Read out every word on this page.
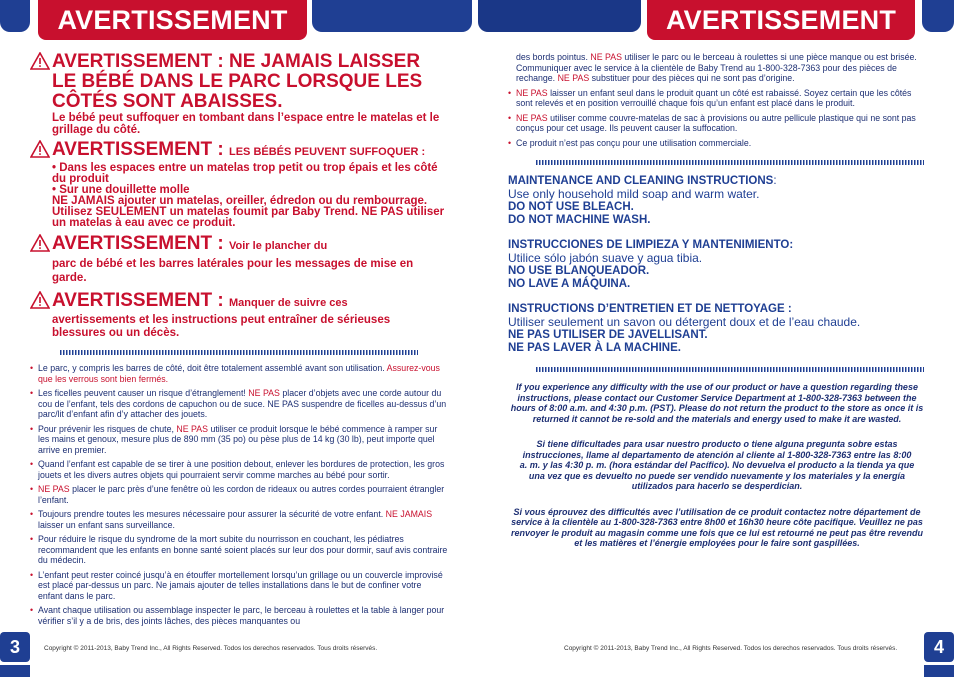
AVERTISSEMENT	AVERTISSEMENT
AVERTISSEMENT : NE JAMAIS LAISSER LE BÉBÉ DANS LE PARC LORSQUE LES CÔTÉS SONT ABAISSES.
Le bébé peut suffoquer en tombant dans l’espace entre le matelas et le grillage du côté.
AVERTISSEMENT : LES BÉBÉS PEUVENT SUFFOQUER :
• Dans les espaces entre un matelas trop petit ou trop épais et les côté du produit
• Sur une douillette molle
NE JAMAIS ajouter un matelas, oreiller, édredon ou du rembourrage. Utilisez SEULEMENT un matelas foumit par Baby Trend. NE PAS utiliser un matelas à eau avec ce produit.
AVERTISSEMENT : Voir le plancher du
parc de bébé et les barres latérales pour les messages de mise en garde.
AVERTISSEMENT : Manquer de suivre ces
avertissements et les instructions peut entraîner de sérieuses blessures ou un décès.
• Le parc, y compris les barres de côté, doit être totalement assemblé avant son utilisation. Assurez-vous que les verrous sont bien fermés.
• Les ficelles peuvent causer un risque d’étranglement! NE PAS placer d’objets avec une corde autour du cou de l’enfant, tels des cordons de capuchon ou de suce. NE PAS suspendre de ficelles au-dessus d’un parc/lit d’enfant afin d’y attacher des jouets.
• Pour prévenir les risques de chute, NE PAS utiliser ce produit lorsque le bébé commence à ramper sur les mains et genoux, mesure plus de 890 mm (35 po) ou pèse plus de 14 kg (30 lb), peut importe quel arrive en premier.
• Quand l’enfant est capable de se tirer à une position debout, enlever les bordures de protection, les gros jouets et les divers autres objets qui pourraient servir comme marches au bébé pour sortir.
• NE PAS placer le parc près d’une fenêtre où les cordon de rideaux ou autres cordes pourraient étrangler l’enfant.
• Toujours prendre toutes les mesures nécessaire pour assurer la sécurité de votre enfant. NE JAMAIS laisser un enfant sans surveillance.
• Pour réduire le risque du syndrome de la mort subite du nourrisson en couchant, les pédiatres recommandent que les enfants en bonne santé soient placés sur leur dos pour dormir, sauf avis contraire du médecin.
• L’enfant peut rester coincé jusqu’à en étouffer mortellement lorsqu’un grillage ou un couvercle improvisé est placé par-dessus un parc. Ne jamais ajouter de telles installations dans le but de confiner votre enfant dans le parc.
• Avant chaque utilisation ou assemblage inspecter le parc, le berceau à roulettes et la table à langer pour vérifier s’il y a de bris, des joints lâches, des pièces manquantes ou
des bords pointus. NE PAS utiliser le parc ou le berceau à roulettes si une pièce manque ou est brisée. Communiquer avec le service à la clientèle de Baby Trend au 1-800-328-7363 pour des pièces de rechange. NE PAS substituer pour des pièces qui ne sont pas d’origine.
• NE PAS laisser un enfant seul dans le produit quant un côté est rabaissé. Soyez certain que les côtés sont relevés et en position verrouillé chaque fois qu’un enfant est placé dans le produit.
• NE PAS utiliser comme couvre-matelas de sac à provisions ou autre pellicule plastique qui ne sont pas conçus pour cet usage. Ils peuvent causer la suffocation.
• Ce produit n’est pas conçu pour une utilisation commerciale.
MAINTENANCE AND CLEANING INSTRUCTIONS:
Use only household mild soap and warm water.
DO NOT USE BLEACH.
DO NOT MACHINE WASH.
INSTRUCCIONES DE LIMPIEZA Y MANTENIMIENTO:
Utilice sólo jabón suave y agua tibia.
NO USE BLANQUEADOR.
NO LAVE A MÁQUINA.
INSTRUCTIONS D’ENTRETIEN ET DE NETTOYAGE :
Utiliser seulement un savon ou détergent doux et de l’eau chaude.
NE PAS UTILISER DE JAVELLISANT.
NE PAS LAVER À LA MACHINE.
If you experience any difficulty with the use of our product or have a question regarding these instructions, please contact our Customer Service Department at 1-800-328-7363 between the hours of 8:00 a.m. and 4:30 p.m. (PST). Please do not return the product to the store as once it is returned it cannot be re-sold and the materials and energy used to make it are wasted.
Si tiene dificultades para usar nuestro producto o tiene alguna pregunta sobre estas instrucciones, llame al departamento de atención al cliente al 1-800-328-7363 entre las 8:00 a. m. y las 4:30 p. m. (hora estándar del Pacífico). No devuelva el producto a la tienda ya que una vez que es devuelto no puede ser vendido nuevamente y los materiales y la energía utilizados para hacerlo se desperdician.
Si vous éprouvez des difficultés avec l’utilisation de ce produit contactez notre département de service à la clientèle au 1-800-328-7363 entre 8h00 et 16h30 heure côte pacifique. Veuillez ne pas renvoyer le produit au magasin comme une fois que ce lui est retourné ne peut pas être revendu et les matières et l’énergie employées pour le faire sont gaspillées.
3	Copyright © 2011-2013, Baby Trend Inc., All Rights Reserved. Todos los derechos reservados. Tous droits réservés.	4
Copyright © 2011-2013, Baby Trend Inc., All Rights Reserved. Todos los derechos reservados. Tous droits réservés.
